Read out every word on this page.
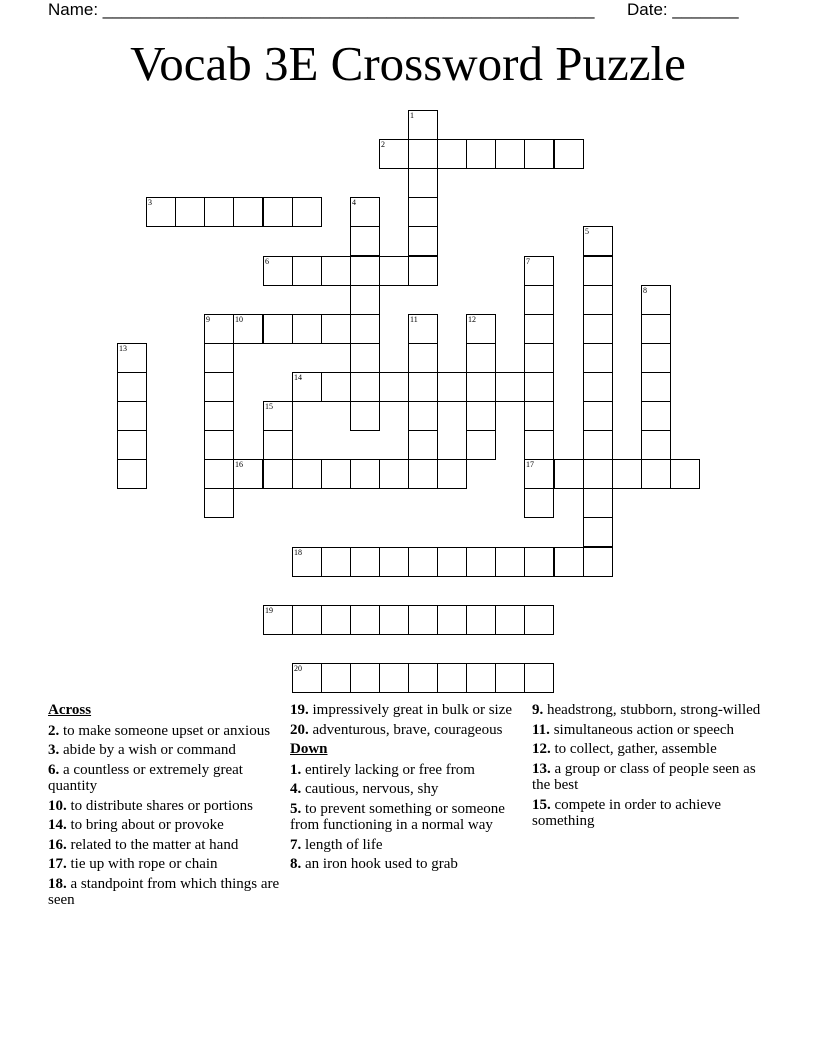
Name: ____________________________________________________ Date: _______
Vocab 3E Crossword Puzzle
1
2
3	4
5
6	7
17
8
9	10	11	12
13
14
15
16
18
19
20
Across
2. to make someone upset or anxious
3. abide by a wish or command
6. a countless or extremely great quantity
10. to distribute shares or portions
14. to bring about or provoke
16. related to the matter at hand
17. tie up with rope or chain
18. a standpoint from which things are seen
19. impressively great in bulk or size
20. adventurous, brave, courageous
Down
1. entirely lacking or free from
4. cautious, nervous, shy
5. to prevent something or someone from functioning in a normal way
7. length of life
8. an iron hook used to grab
9. headstrong, stubborn, strong-willed
11. simultaneous action or speech
12. to collect, gather, assemble
13. a group or class of people seen as the best
15. compete in order to achieve something
